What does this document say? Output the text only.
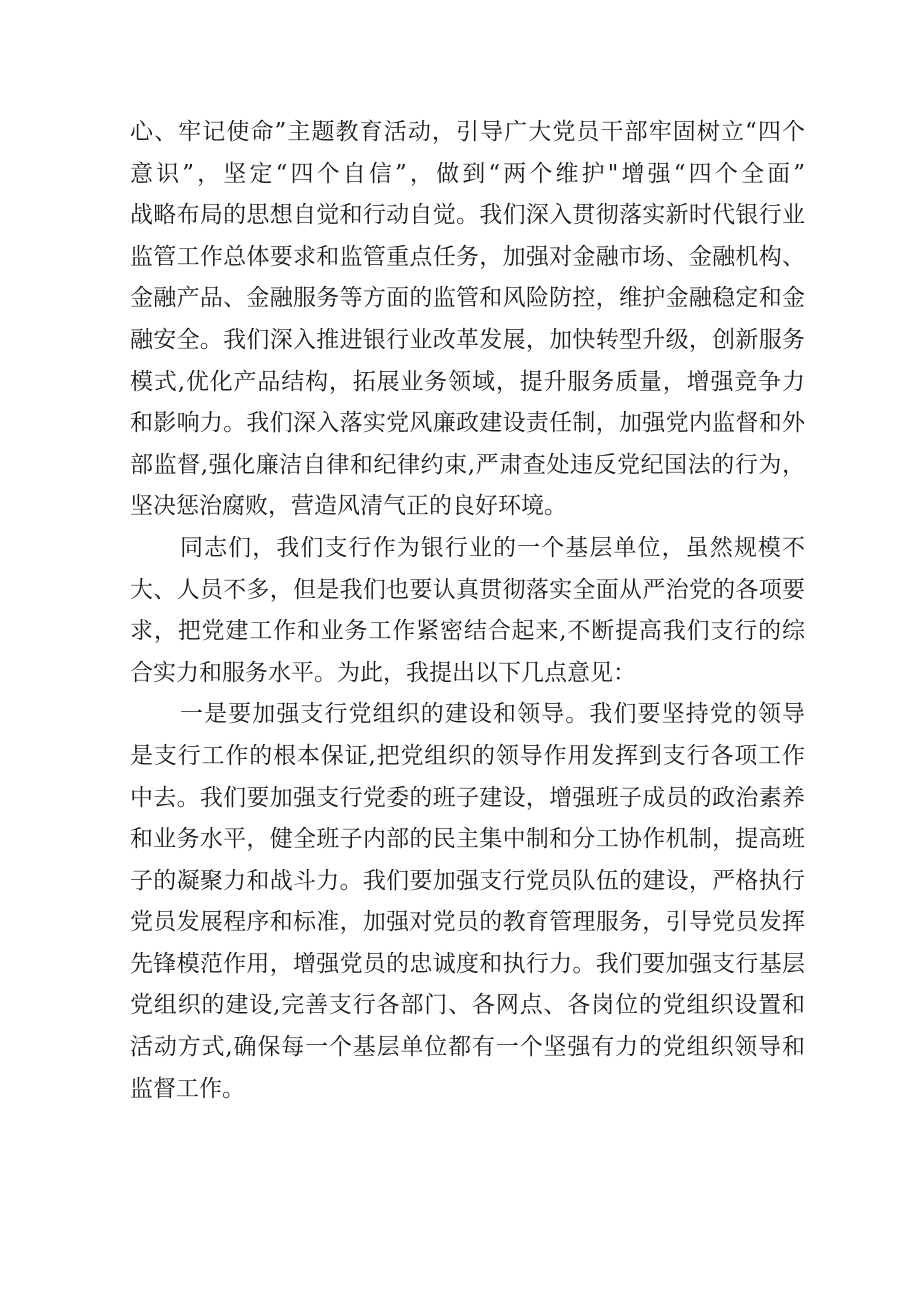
心、牢记使命”主题教育活动，引导广大党员干部牢固树立“四个
意识”，坚定“四个自信”，做到“两个维护"增强“四个全面”
战略布局的思想自觉和行动自觉。我们深入贯彻落实新时代银行业
监管工作总体要求和监管重点任务，加强对金融市场、金融机构、
金融产品、金融服务等方面的监管和风险防控，维护金融稳定和金
融安全。我们深入推进银行业改革发展，加快转型升级，创新服务
模式,优化产品结构，拓展业务领域，提升服务质量，增强竞争力
和影响力。我们深入落实党风廉政建设责任制，加强党内监督和外
部监督,强化廉洁自律和纪律约束,严肃查处违反党纪国法的行为，
坚决惩治腐败，营造风清气正的良好环境。

同志们，我们支行作为银行业的一个基层单位，虽然规模不
大、人员不多，但是我们也要认真贯彻落实全面从严治党的各项要
求，把党建工作和业务工作紧密结合起来,不断提高我们支行的综
合实力和服务水平。为此，我提出以下几点意见：

一是要加强支行党组织的建设和领导。我们要坚持党的领导
是支行工作的根本保证,把党组织的领导作用发挥到支行各项工作
中去。我们要加强支行党委的班子建设，增强班子成员的政治素养
和业务水平，健全班子内部的民主集中制和分工协作机制，提高班
子的凝聚力和战斗力。我们要加强支行党员队伍的建设，严格执行
党员发展程序和标准，加强对党员的教育管理服务，引导党员发挥
先锋模范作用，增强党员的忠诚度和执行力。我们要加强支行基层
党组织的建设,完善支行各部门、各网点、各岗位的党组织设置和
活动方式,确保每一个基层单位都有一个坚强有力的党组织领导和
监督工作。
